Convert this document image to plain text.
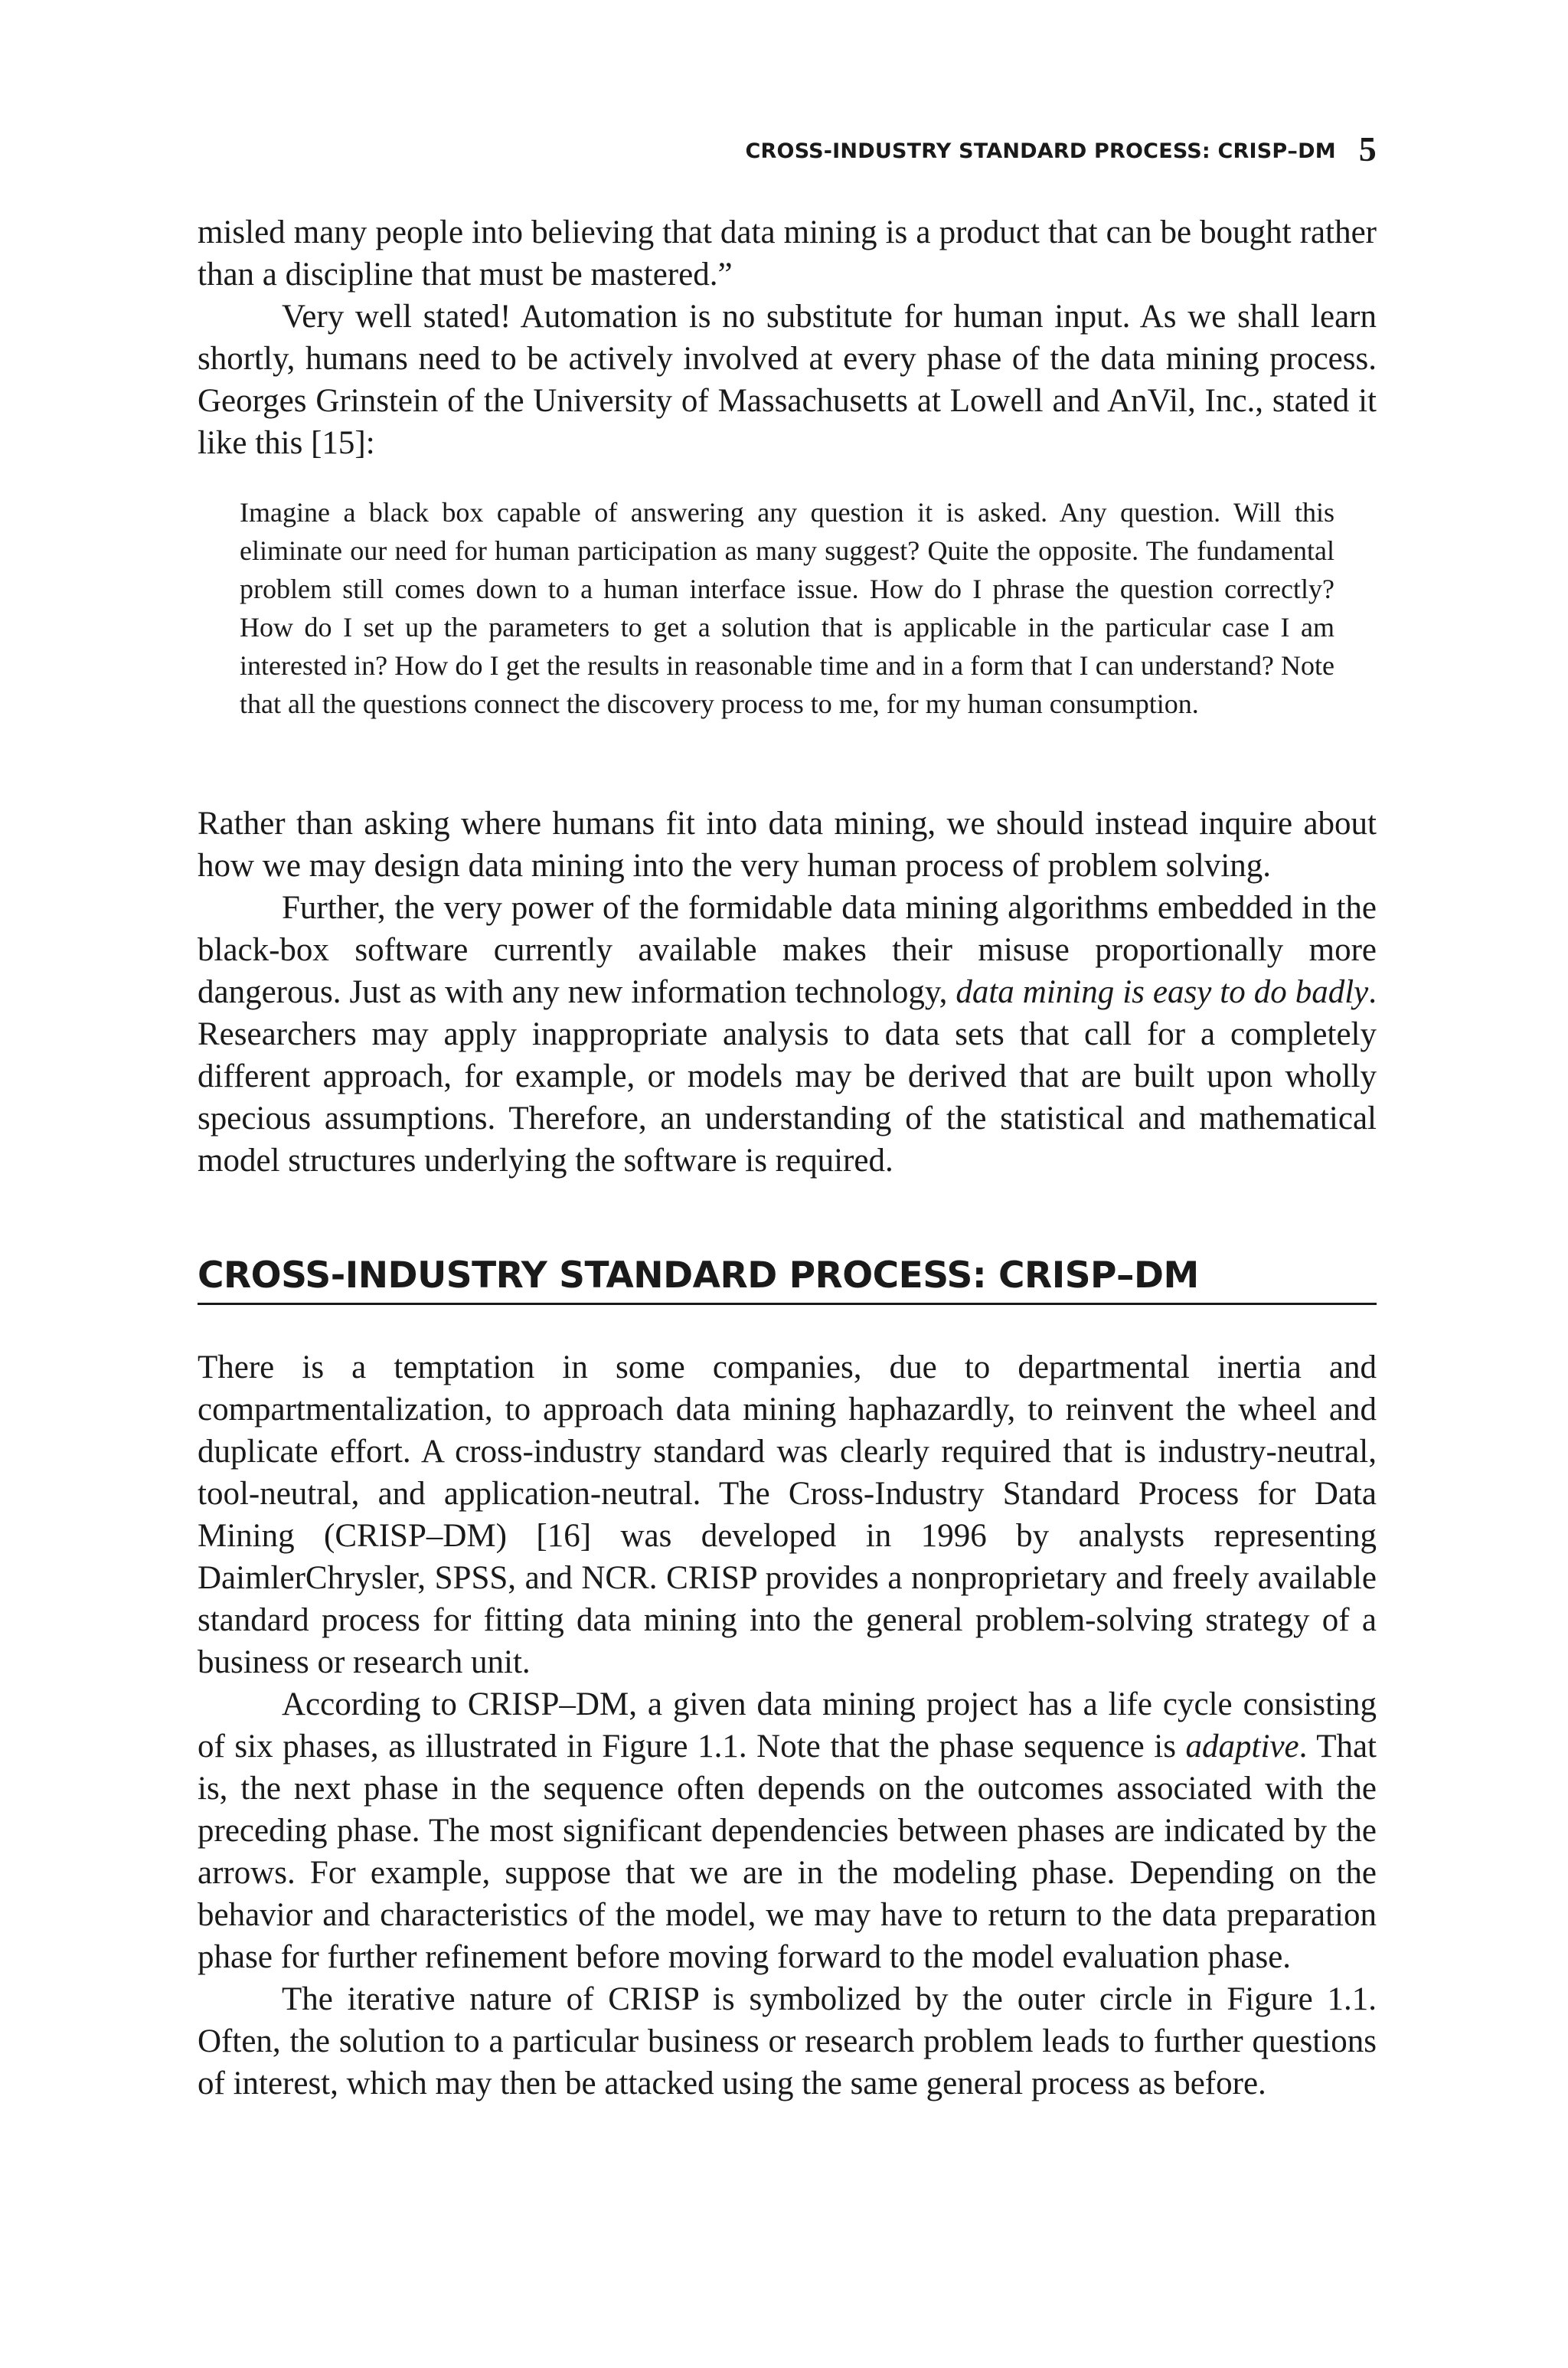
CROSS-INDUSTRY STANDARD PROCESS: CRISP–DM 5

misled many people into believing that data mining is a product that can be bought rather than a discipline that must be mastered.”

Very well stated! Automation is no substitute for human input. As we shall learn shortly, humans need to be actively involved at every phase of the data mining process. Georges Grinstein of the University of Massachusetts at Lowell and AnVil, Inc., stated it like this [15]:

Imagine a black box capable of answering any question it is asked. Any question. Will this eliminate our need for human participation as many suggest? Quite the opposite. The fundamental problem still comes down to a human interface issue. How do I phrase the question correctly? How do I set up the parameters to get a solution that is applicable in the particular case I am interested in? How do I get the results in reasonable time and in a form that I can understand? Note that all the questions connect the discovery process to me, for my human consumption.

Rather than asking where humans fit into data mining, we should instead inquire about how we may design data mining into the very human process of problem solving.

Further, the very power of the formidable data mining algorithms embedded in the black-box software currently available makes their misuse proportionally more dangerous. Just as with any new information technology, data mining is easy to do badly. Researchers may apply inappropriate analysis to data sets that call for a completely different approach, for example, or models may be derived that are built upon wholly specious assumptions. Therefore, an understanding of the statistical and mathematical model structures underlying the software is required.

CROSS-INDUSTRY STANDARD PROCESS: CRISP–DM

There is a temptation in some companies, due to departmental inertia and compartmentalization, to approach data mining haphazardly, to reinvent the wheel and duplicate effort. A cross-industry standard was clearly required that is industry-neutral, tool-neutral, and application-neutral. The Cross-Industry Standard Process for Data Mining (CRISP–DM) [16] was developed in 1996 by analysts representing DaimlerChrysler, SPSS, and NCR. CRISP provides a nonproprietary and freely available standard process for fitting data mining into the general problem-solving strategy of a business or research unit.

According to CRISP–DM, a given data mining project has a life cycle consisting of six phases, as illustrated in Figure 1.1. Note that the phase sequence is adaptive. That is, the next phase in the sequence often depends on the outcomes associated with the preceding phase. The most significant dependencies between phases are indicated by the arrows. For example, suppose that we are in the modeling phase. Depending on the behavior and characteristics of the model, we may have to return to the data preparation phase for further refinement before moving forward to the model evaluation phase.

The iterative nature of CRISP is symbolized by the outer circle in Figure 1.1. Often, the solution to a particular business or research problem leads to further questions of interest, which may then be attacked using the same general process as before.
